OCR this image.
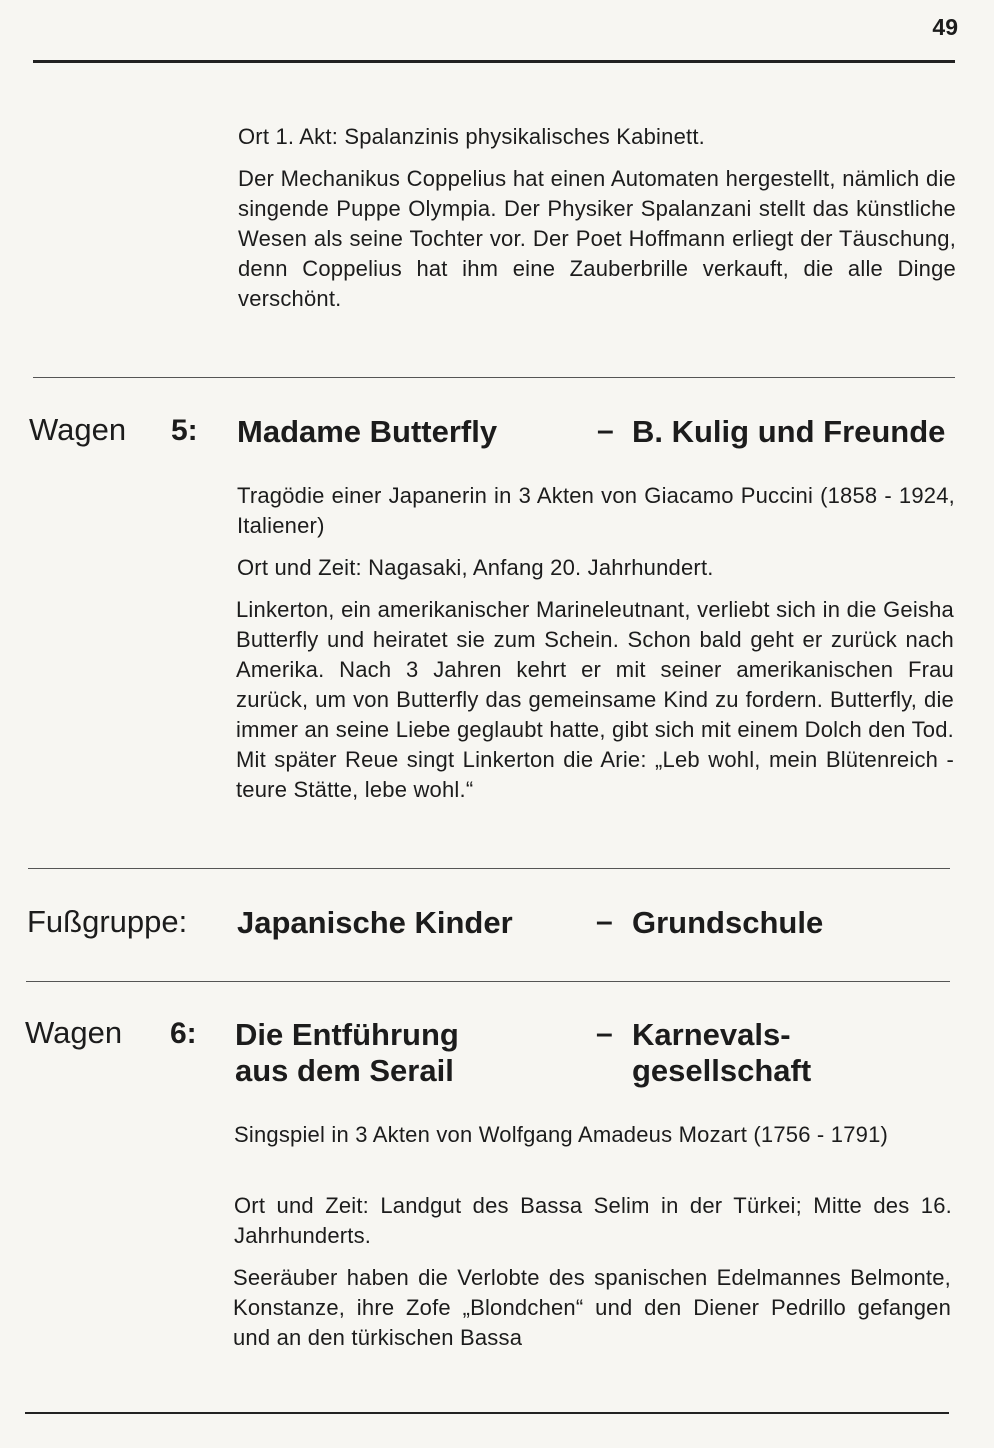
49

Ort 1. Akt: Spalanzinis physikalisches Kabinett.

Der Mechanikus Coppelius hat einen Automaten hergestellt, nämlich die singende Puppe Olympia. Der Physiker Spalanzani stellt das künstliche Wesen als seine Tochter vor. Der Poet Hoffmann erliegt der Täuschung, denn Coppelius hat ihm eine Zauberbrille verkauft, die alle Dinge verschönt.

Wagen 5: Madame Butterfly	– B. Kulig und Freunde

Tragödie einer Japanerin in 3 Akten von Giacamo Puccini (1858 - 1924, Italiener)

Ort und Zeit: Nagasaki, Anfang 20. Jahrhundert.

Linkerton, ein amerikanischer Marineleutnant, verliebt sich in die Geisha Butterfly und heiratet sie zum Schein. Schon bald geht er zurück nach Amerika. Nach 3 Jahren kehrt er mit seiner amerikanischen Frau zurück, um von Butterfly das gemeinsame Kind zu fordern. Butterfly, die immer an seine Liebe geglaubt hatte, gibt sich mit einem Dolch den Tod. Mit später Reue singt Linkerton die Arie: „Leb wohl, mein Blütenreich - teure Stätte, lebe wohl.“

Fußgruppe: Japanische Kinder	– Grundschule
Wagen 6: Die Entführung
aus dem Serail
– Karnevals-
gesellschaft

Singspiel in 3 Akten von Wolfgang Amadeus Mozart (1756 - 1791)

Ort und Zeit: Landgut des Bassa Selim in der Türkei; Mitte des 16. Jahrhunderts.

Seeräuber haben die Verlobte des spanischen Edelmannes Belmonte, Konstanze, ihre Zofe „Blondchen“ und den Diener Pedrillo gefangen und an den türkischen Bassa
